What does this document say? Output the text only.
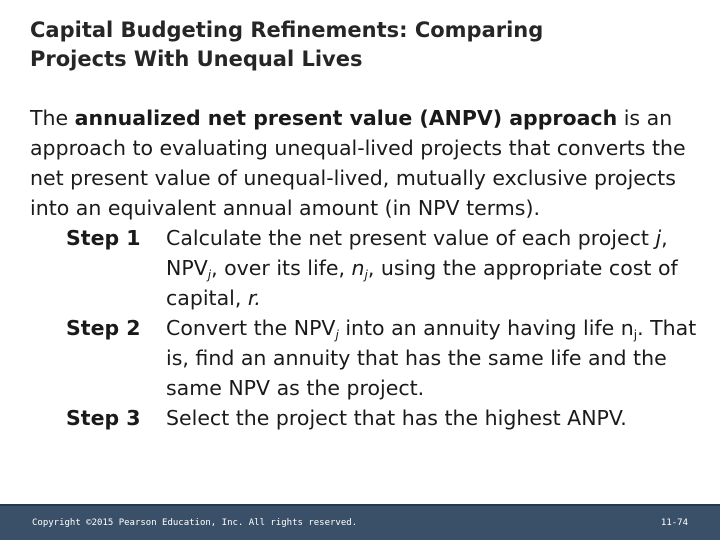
Capital Budgeting Refinements: Comparing
Projects With Unequal Lives

The annualized net present value (ANPV) approach is an approach to evaluating unequal-lived projects that converts the net present value of unequal-lived, mutually exclusive projects into an equivalent annual amount (in NPV terms).

Step 1	Calculate the net present value of each project j, $NPV_j$, over its life, $n_j$, using the appropriate cost of capital, r.
Step 2	Convert the $NPV_j$ into an annuity having life $n_j$. That is, find an annuity that has the same life and the same NPV as the project.
Step 3	Select the project that has the highest ANPV.
Copyright ©2015 Pearson Education, Inc. All rights reserved.	11-74
